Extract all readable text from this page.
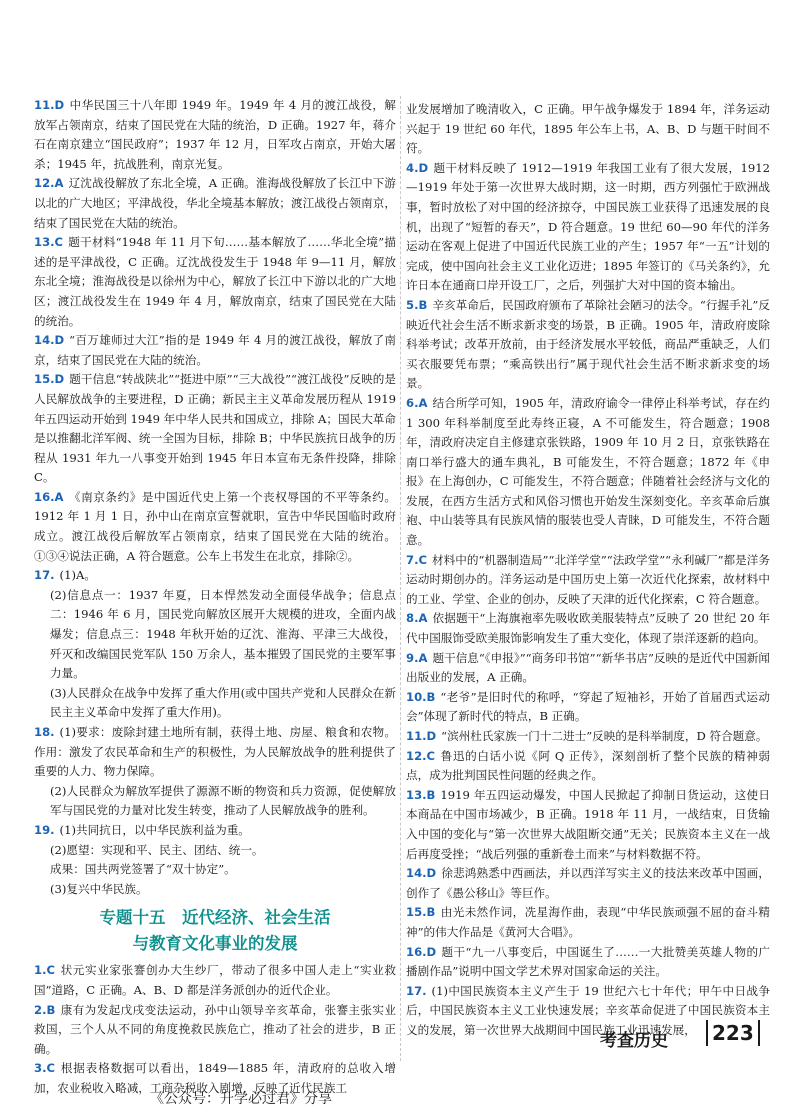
11.D 中华民国三十八年即 1949 年。1949 年 4 月的渡江战役，解放军占领南京，结束了国民党在大陆的统治，D 正确。1927 年，蒋介石在南京建立“国民政府”；1937 年 12 月，日军攻占南京，开始大屠杀；1945 年，抗战胜利，南京光复。

12.A 辽沈战役解放了东北全境，A 正确。淮海战役解放了长江中下游以北的广大地区；平津战役，华北全境基本解放；渡江战役占领南京，结束了国民党在大陆的统治。

13.C 题干材料“1948 年 11 月下旬……基本解放了……华北全境”描述的是平津战役，C 正确。辽沈战役发生于 1948 年 9—11 月，解放东北全境；淮海战役是以徐州为中心，解放了长江中下游以北的广大地区；渡江战役发生在 1949 年 4 月，解放南京，结束了国民党在大陆的统治。

14.D “百万雄师过大江”指的是 1949 年 4 月的渡江战役，解放了南京，结束了国民党在大陆的统治。

15.D 题干信息“转战陕北”“挺进中原”“三大战役”“渡江战役”反映的是人民解放战争的主要进程，D 正确；新民主主义革命发展历程从 1919 年五四运动开始到 1949 年中华人民共和国成立，排除 A；国民大革命是以推翻北洋军阀、统一全国为目标，排除 B；中华民族抗日战争的历程从 1931 年九一八事变开始到 1945 年日本宣布无条件投降，排除 C。

16.A 《南京条约》是中国近代史上第一个丧权辱国的不平等条约。1912 年 1 月 1 日，孙中山在南京宣誓就职，宣告中华民国临时政府成立。渡江战役后解放军占领南京，结束了国民党在大陆的统治。①③④说法正确，A 符合题意。公车上书发生在北京，排除②。

17. (1)A。

(2)信息点一：1937 年夏，日本悍然发动全面侵华战争；信息点二：1946 年 6 月，国民党向解放区展开大规模的进攻，全面内战爆发；信息点三：1948 年秋开始的辽沈、淮海、平津三大战役，歼灭和改编国民党军队 150 万余人，基本摧毁了国民党的主要军事力量。

(3)人民群众在战争中发挥了重大作用(或中国共产党和人民群众在新民主主义革命中发挥了重大作用)。

18. (1)要求：废除封建土地所有制，获得土地、房屋、粮食和农物。作用：激发了农民革命和生产的积极性，为人民解放战争的胜利提供了重要的人力、物力保障。

(2)人民群众为解放军提供了源源不断的物资和兵力资源，促使解放军与国民党的力量对比发生转变，推动了人民解放战争的胜利。

19. (1)共同抗日，以中华民族利益为重。

(2)愿望：实现和平、民主、团结、统一。

成果：国共两党签署了“双十协定”。

(3)复兴中华民族。

专题十五　近代经济、社会生活
与教育文化事业的发展

1.C 状元实业家张謇创办大生纱厂，带动了很多中国人走上“实业救国”道路，C 正确。A、B、D 都是洋务派创办的近代企业。

2.B 康有为发起戊戌变法运动，孙中山领导辛亥革命，张謇主张实业救国，三个人从不同的角度挽救民族危亡，推动了社会的进步，B 正确。

3.C 根据表格数据可以看出，1849—1885 年，清政府的总收入增加，农业税收入略减，工商杂税收入剧增，反映了近代民族工

业发展增加了晚清收入，C 正确。甲午战争爆发于 1894 年，洋务运动兴起于 19 世纪 60 年代，1895 年公车上书，A、B、D 与题干时间不符。

4.D 题干材料反映了 1912—1919 年我国工业有了很大发展，1912—1919 年处于第一次世界大战时期，这一时期，西方列强忙于欧洲战事，暂时放松了对中国的经济掠夺，中国民族工业获得了迅速发展的良机，出现了“短暂的春天”，D 符合题意。19 世纪 60—90 年代的洋务运动在客观上促进了中国近代民族工业的产生；1957 年“一五”计划的完成，使中国向社会主义工业化迈进；1895 年签订的《马关条约》，允许日本在通商口岸开设工厂，之后，列强扩大对中国的资本输出。

5.B 辛亥革命后，民国政府颁布了革除社会陋习的法令。“行握手礼”反映近代社会生活不断求新求变的场景，B 正确。1905 年，清政府废除科举考试；改革开放前，由于经济发展水平较低，商品严重缺乏，人们买衣服要凭布票；“乘高铁出行”属于现代社会生活不断求新求变的场景。

6.A 结合所学可知，1905 年，清政府谕令一律停止科举考试，存在约 1 300 年科举制度至此寿终正寝，A 不可能发生，符合题意；1908 年，清政府决定自主修建京张铁路，1909 年 10 月 2 日，京张铁路在南口举行盛大的通车典礼，B 可能发生，不符合题意；1872 年《申报》在上海创办，C 可能发生，不符合题意；伴随着社会经济与文化的发展，在西方生活方式和风俗习惯也开始发生深刻变化。辛亥革命后旗袍、中山装等具有民族风情的服装也受人青睐，D 可能发生，不符合题意。

7.C 材料中的“机器制造局”“北洋学堂”“法政学堂”“永利碱厂”都是洋务运动时期创办的。洋务运动是中国历史上第一次近代化探索，故材料中的工业、学堂、企业的创办，反映了天津的近代化探索，C 符合题意。

8.A 依据题干“上海旗袍率先吸收欧美服装特点”反映了 20 世纪 20 年代中国服饰受欧美服饰影响发生了重大变化，体现了崇洋逐新的趋向。

9.A 题干信息“《申报》”“商务印书馆”“新华书店”反映的是近代中国新闻出版业的发展，A 正确。

10.B “老爷”是旧时代的称呼，“穿起了短袖衫，开始了首届西式运动会”体现了新时代的特点，B 正确。

11.D “滨州杜氏家族一门十二进士”反映的是科举制度，D 符合题意。

12.C 鲁迅的白话小说《阿 Q 正传》，深刻剖析了整个民族的精神弱点，成为批判国民性问题的经典之作。

13.B 1919 年五四运动爆发，中国人民掀起了抑制日货运动，这使日本商品在中国市场减少，B 正确。1918 年 11 月，一战结束，日货输入中国的变化与“第一次世界大战阻断交通”无关；民族资本主义在一战后再度受挫；“战后列强的重新卷土而来”与材料数据不符。

14.D 徐悲鸿熟悉中西画法，并以西洋写实主义的技法来改革中国画，创作了《愚公移山》等巨作。

15.B 由光未然作词，冼星海作曲，表现“中华民族顽强不屈的奋斗精神”的伟大作品是《黄河大合唱》。

16.D 题干“九一八事变后，中国诞生了……一大批赞美英雄人物的广播剧作品”说明中国文学艺术界对国家命运的关注。

17. (1)中国民族资本主义产生于 19 世纪六七十年代；甲午中日战争后，中国民族资本主义工业快速发展；辛亥革命促进了中国民族资本主义的发展，第一次世界大战期间中国民族工业迅速发展，

考查历史	223
《公众号：升学必过君》分享
